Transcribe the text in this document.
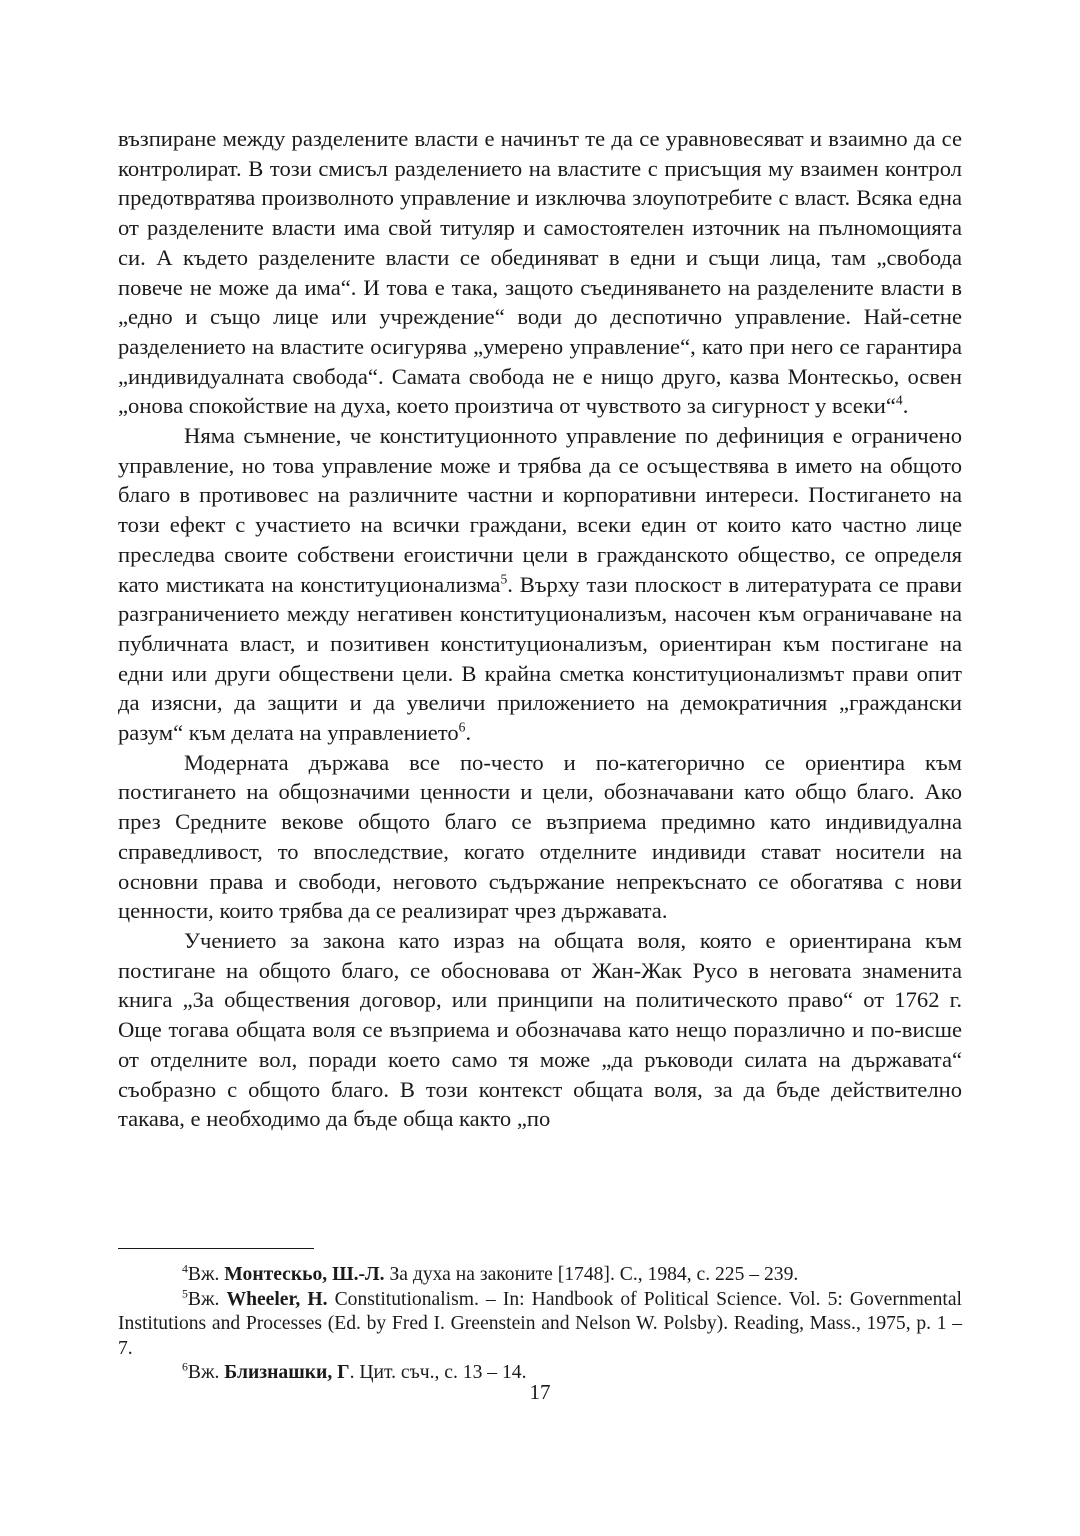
възпиране между разделените власти е начинът те да се уравновесяват и взаимно да се контролират. В този смисъл разделението на властите с присъщия му взаимен контрол предотвратява произволното управление и изключва злоупотребите с власт. Всяка една от разделените власти има свой титуляр и самостоятелен източник на пълномощията си. А където разделените власти се обединяват в едни и същи лица, там „свобода повече не може да има“. И това е така, защото съединяването на разделените власти в „едно и също лице или учреждение“ води до деспотично управление. Най-сетне разделението на властите осигурява „умерено управление“, като при него се гарантира „индивидуалната свобода“. Самата свобода не е нищо друго, казва Монтескьо, освен „онова спокойствие на духа, което произтича от чувството за сигурност у всеки“$^4$.

Няма съмнение, че конституционното управление по дефиниция е ограничено управление, но това управление може и трябва да се осъществява в името на общото благо в противовес на различните частни и корпоративни интереси. Постигането на този ефект с участието на всички граждани, всеки един от които като частно лице преследва своите собствени егоистични цели в гражданското общество, се определя като мистиката на конституционализма$^5$. Върху тази плоскост в литературата се прави разграничението между негативен конституционализъм, насочен към ограничаване на публичната власт, и позитивен конституционализъм, ориентиран към постигане на едни или други обществени цели. В крайна сметка конституционализмът прави опит да изясни, да защити и да увеличи приложението на демократичния „граждански разум“ към делата на управлението$^6$.

Модерната държава все по-често и по-категорично се ориентира към постигането на общозначими ценности и цели, обозначавани като общо благо. Ако през Средните векове общото благо се възприема предимно като индивидуална справедливост, то впоследствие, когато отделните индивиди стават носители на основни права и свободи, неговото съдържание непрекъснато се обогатява с нови ценности, които трябва да се реализират чрез държавата.

Учението за закона като израз на общата воля, която е ориентирана към постигане на общото благо, се обосновава от Жан-Жак Русо в неговата знаменита книга „За обществения договор, или принципи на политическото право“ от 1762 г. Още тогава общата воля се възприема и обозначава като нещо поразлично и по-висше от отделните вол, поради което само тя може „да ръководи силата на държавата“ съобразно с общото благо. В този контекст общата воля, за да бъде действително такава, е необходимо да бъде обща както „по

$^4$Вж. Монтескьо, Ш.-Л. За духа на законите [1748]. С., 1984, с. 225 – 239.

$^5$Вж. Wheeler, H. Constitutionalism. – In: Handbook of Political Science. Vol. 5: Governmental Institutions and Processes (Ed. by Fred I. Greenstein and Nelson W. Polsby). Reading, Mass., 1975, p. 1 – 7.

$^6$Вж. Близнашки, Г. Цит. съч., с. 13 – 14.

17
